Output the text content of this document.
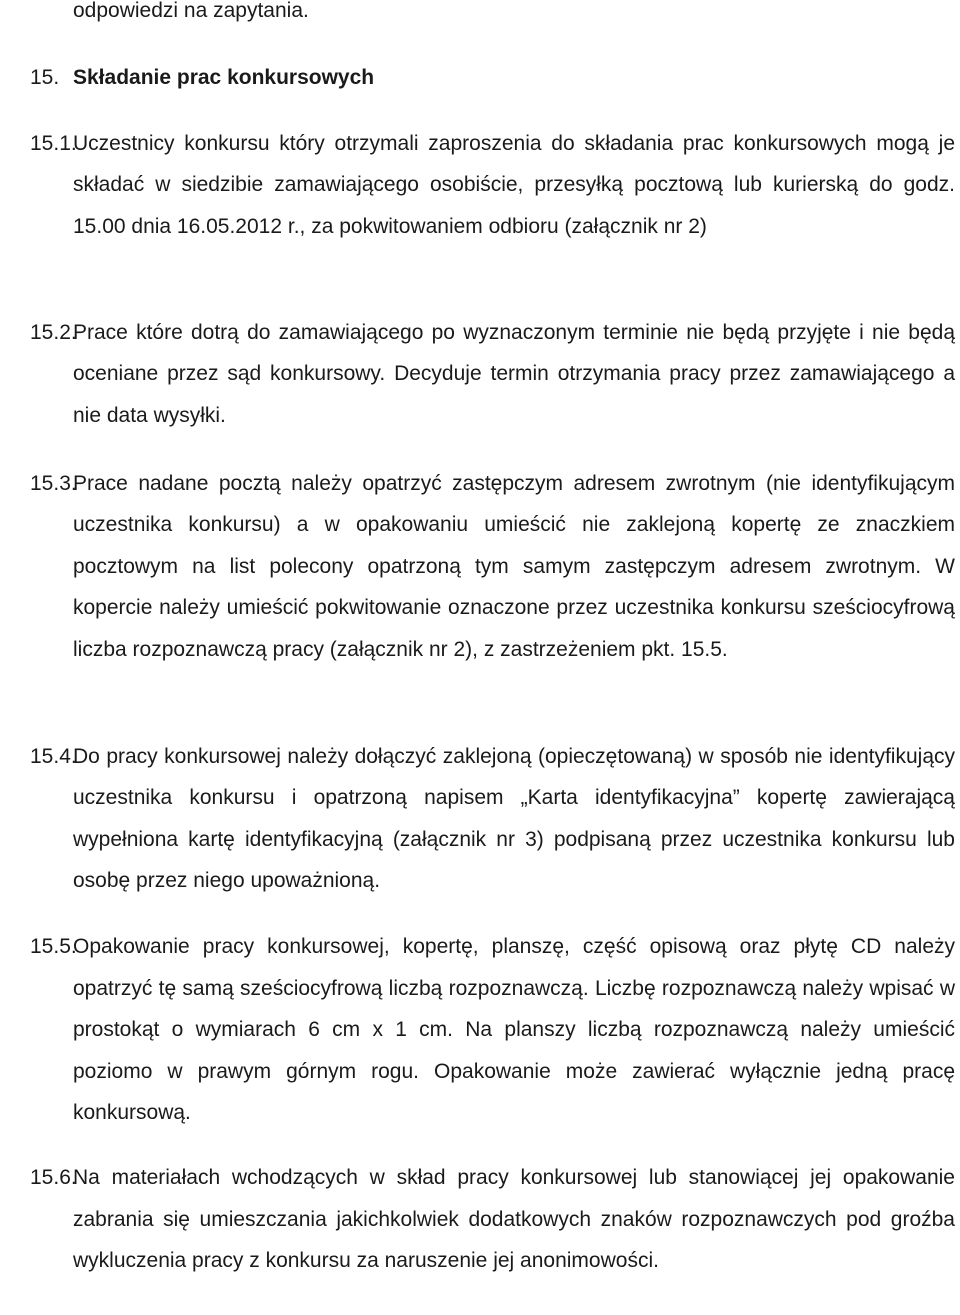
odpowiedzi na zapytania.

15. Składanie prac konkursowych
15.1.

Uczestnicy konkursu który otrzymali zaproszenia do składania prac konkursowych mogą je składać w siedzibie zamawiającego osobiście, przesyłką pocztową lub kurierską do godz. 15.00 dnia 16.05.2012 r., za pokwitowaniem odbioru (załącznik nr 2)

15.2.

Prace które dotrą do zamawiającego po wyznaczonym terminie nie będą przyjęte i nie będą oceniane przez sąd konkursowy. Decyduje termin otrzymania pracy przez zamawiającego a nie data wysyłki.

15.3.

Prace nadane pocztą należy opatrzyć zastępczym adresem zwrotnym (nie identyfikującym uczestnika konkursu) a w opakowaniu umieścić nie zaklejoną kopertę ze znaczkiem pocztowym na list polecony opatrzoną tym samym zastępczym adresem zwrotnym. W kopercie należy umieścić pokwitowanie oznaczone przez uczestnika konkursu sześciocyfrową liczba rozpoznawczą pracy (załącznik nr 2), z zastrzeżeniem pkt. 15.5.

15.4.

Do pracy konkursowej należy dołączyć zaklejoną (opieczętowaną) w sposób nie identyfikujący uczestnika konkursu i opatrzoną napisem „Karta identyfikacyjna” kopertę zawierającą wypełniona kartę identyfikacyjną (załącznik nr 3) podpisaną przez uczestnika konkursu lub osobę przez niego upoważnioną.

15.5.

Opakowanie pracy konkursowej, kopertę, planszę, część opisową oraz płytę CD należy opatrzyć tę samą sześciocyfrową liczbą rozpoznawczą. Liczbę rozpoznawczą należy wpisać w prostokąt o wymiarach 6 cm x 1 cm. Na planszy liczbą rozpoznawczą należy umieścić poziomo w prawym górnym rogu. Opakowanie może zawierać wyłącznie jedną pracę konkursową.

15.6.

Na materiałach wchodzących w skład pracy konkursowej lub stanowiącej jej opakowanie zabrania się umieszczania jakichkolwiek dodatkowych znaków rozpoznawczych pod groźba wykluczenia pracy z konkursu za naruszenie jej anonimowości.
